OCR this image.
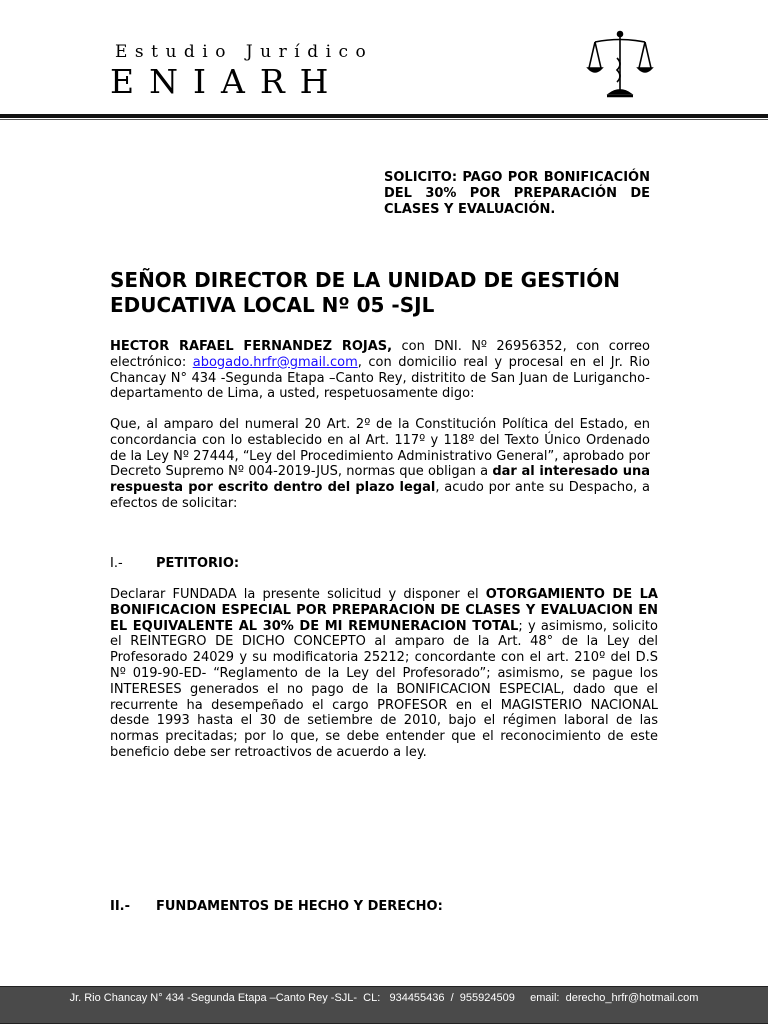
Estudio Jurídico
ENIARH
SOLICITO: PAGO POR BONIFICACIÓN DEL 30% POR PREPARACIÓN DE CLASES Y EVALUACIÓN.
SEÑOR DIRECTOR DE LA UNIDAD DE GESTIÓN EDUCATIVA LOCAL Nº 05 -SJL
HECTOR RAFAEL FERNANDEZ ROJAS, con DNI. Nº 26956352, con correo electrónico: abogado.hrfr@gmail.com, con domicilio real y procesal en el Jr. Rio Chancay N° 434 -Segunda Etapa –Canto Rey, distritito de San Juan de Lurigancho- departamento de Lima, a usted, respetuosamente digo:
Que, al amparo del numeral 20 Art. 2º de la Constitución Política del Estado, en concordancia con lo establecido en al Art. 117º y 118º del Texto Único Ordenado de la Ley Nº 27444, “Ley del Procedimiento Administrativo General”, aprobado por Decreto Supremo Nº 004-2019-JUS, normas que obligan a dar al interesado una respuesta por escrito dentro del plazo legal, acudo por ante su Despacho, a efectos de solicitar:
I.-	PETITORIO:
Declarar FUNDADA la presente solicitud y disponer el OTORGAMIENTO DE LA BONIFICACION ESPECIAL POR PREPARACION DE CLASES Y EVALUACION EN EL EQUIVALENTE AL 30% DE MI REMUNERACION TOTAL; y asimismo, solicito el REINTEGRO DE DICHO CONCEPTO al amparo de la Art. 48° de la Ley del Profesorado 24029 y su modificatoria 25212; concordante con el art. 210º del D.S Nº 019-90-ED- “Reglamento de la Ley del Profesorado”; asimismo, se pague los INTERESES generados el no pago de la BONIFICACION ESPECIAL, dado que el recurrente ha desempeñado el cargo PROFESOR en el MAGISTERIO NACIONAL desde 1993 hasta el 30 de setiembre de 2010, bajo el régimen laboral de las normas precitadas; por lo que, se debe entender que el reconocimiento de este beneficio debe ser retroactivos de acuerdo a ley.
II.- FUNDAMENTOS DE HECHO Y DERECHO:
Jr. Rio Chancay N° 434 -Segunda Etapa –Canto Rey -SJL-  CL:   934455436  /  955924509     email:  derecho_hrfr@hotmail.com
